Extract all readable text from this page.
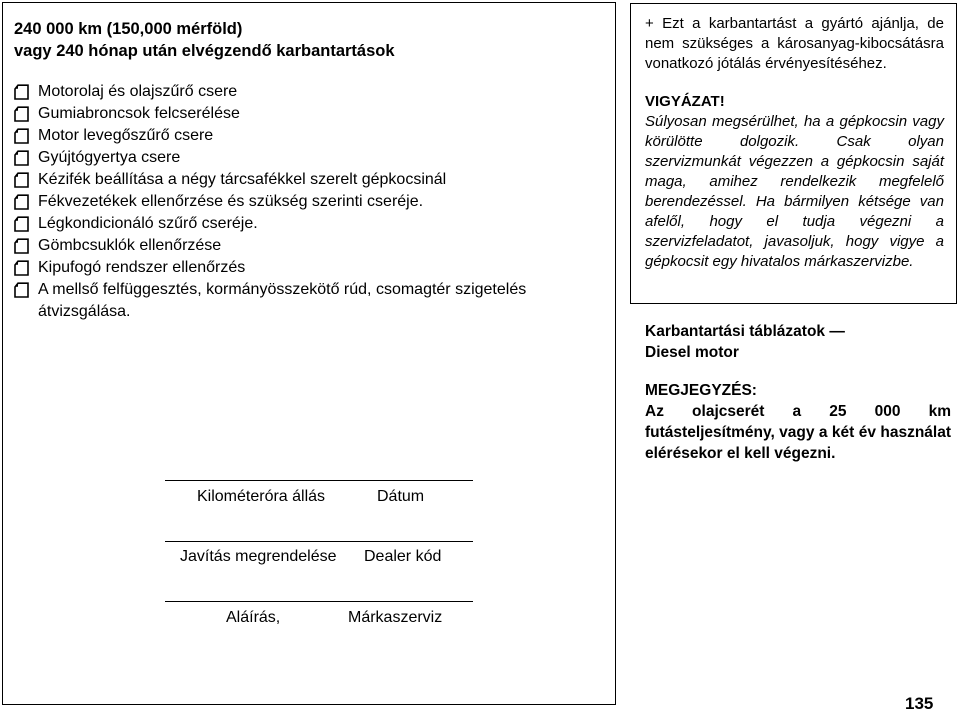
240 000 km (150,000 mérföld)
vagy 240 hónap után elvégzendő karbantartások
Motorolaj és olajszűrő csere
Gumiabroncsok felcserélése
Motor levegőszűrő csere
Gyújtógyertya csere
Kézifék beállítása a négy tárcsafékkel szerelt gépkocsinál
Fékvezetékek ellenőrzése és szükség szerinti cseréje.
Légkondicionáló szűrő cseréje.
Gömbcsuklók ellenőrzése
Kipufogó rendszer ellenőrzés
A mellső felfüggesztés, kormányösszekötő rúd, csomagtér szigetelés átvizsgálása.
Kilométeróra állás	Dátum
Javítás megrendelése Dealer kód
Aláírás,	Márkaszerviz
+ Ezt a karbantartást a gyártó ajánlja, de nem szükséges a károsanyag-kibocsátásra vonatkozó jótálás érvényesítéséhez.
VIGYÁZAT!
Súlyosan megsérülhet, ha a gépkocsin vagy körülötte dolgozik. Csak olyan szervizmunkát végezzen a gépkocsin saját maga, amihez rendelkezik megfelelő berendezéssel. Ha bármilyen kétsége van afelől, hogy el tudja végezni a szervizfeladatot, javasoljuk, hogy vigye a gépkocsit egy hivatalos márkaszervizbe.
Karbantartási táblázatok —
Diesel motor
MEGJEGYZÉS:
Az olajcserét a 25 000 km futásteljesítmény, vagy a két év használat elérésekor el kell végezni.
135
